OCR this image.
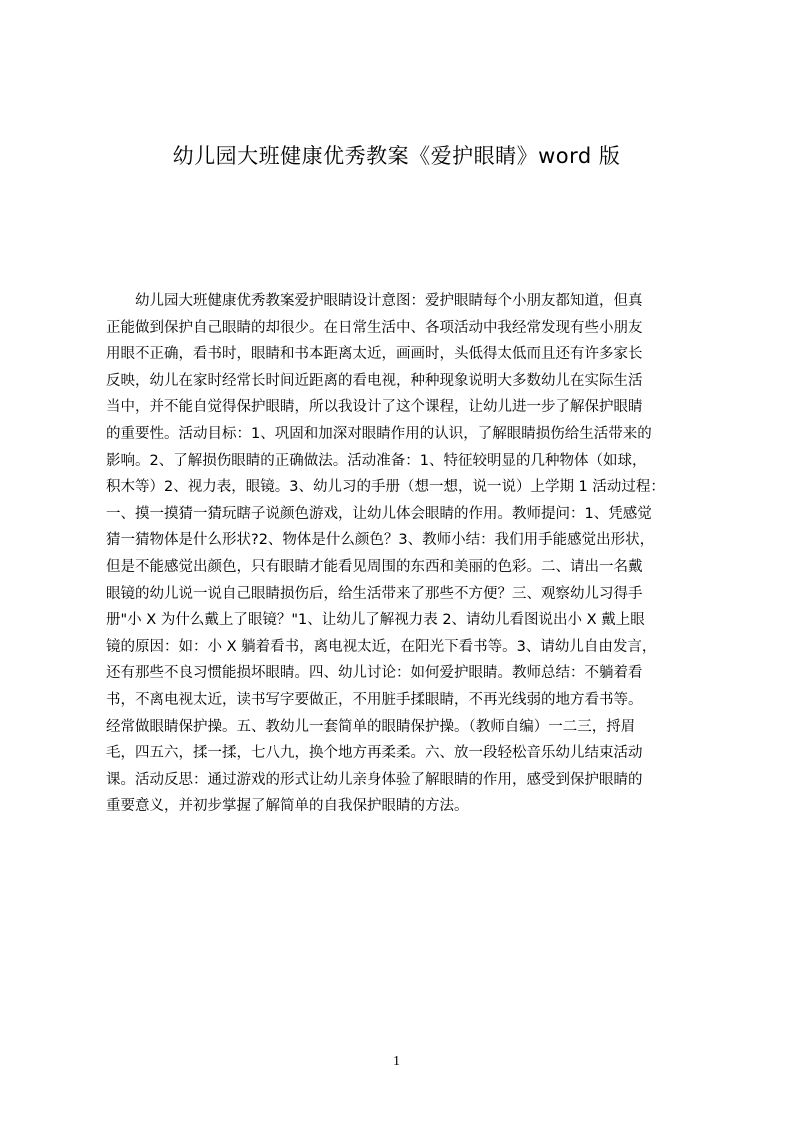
幼儿园大班健康优秀教案《爱护眼睛》word 版
　　幼儿园大班健康优秀教案爱护眼睛设计意图：爱护眼睛每个小朋友都知道，但真
正能做到保护自己眼睛的却很少。在日常生活中、各项活动中我经常发现有些小朋友
用眼不正确，看书时，眼睛和书本距离太近，画画时，头低得太低而且还有许多家长
反映，幼儿在家时经常长时间近距离的看电视，种种现象说明大多数幼儿在实际生活
当中，并不能自觉得保护眼睛，所以我设计了这个课程，让幼儿进一步了解保护眼睛
的重要性。活动目标：1、巩固和加深对眼睛作用的认识，了解眼睛损伤给生活带来的
影响。2、了解损伤眼睛的正确做法。活动准备：1、特征较明显的几种物体（如球，
积木等）2、视力表，眼镜。3、幼儿习的手册（想一想，说一说）上学期 1 活动过程：
一、摸一摸猜一猜玩瞎子说颜色游戏，让幼儿体会眼睛的作用。教师提问：1、凭感觉
猜一猜物体是什么形状?2、物体是什么颜色？3、教师小结：我们用手能感觉出形状，
但是不能感觉出颜色，只有眼睛才能看见周围的东西和美丽的色彩。二、请出一名戴
眼镜的幼儿说一说自己眼睛损伤后，给生活带来了那些不方便？三、观察幼儿习得手
册"小 X 为什么戴上了眼镜？"1、让幼儿了解视力表 2、请幼儿看图说出小 X 戴上眼
镜的原因：如：小 X 躺着看书，离电视太近，在阳光下看书等。3、请幼儿自由发言，
还有那些不良习惯能损坏眼睛。四、幼儿讨论：如何爱护眼睛。教师总结：不躺着看
书，不离电视太近，读书写字要做正，不用脏手揉眼睛，不再光线弱的地方看书等。
经常做眼睛保护操。五、教幼儿一套简单的眼睛保护操。（教师自编）一二三，捋眉
毛，四五六，揉一揉，七八九，换个地方再柔柔。六、放一段轻松音乐幼儿结束活动
课。活动反思：通过游戏的形式让幼儿亲身体验了解眼睛的作用，感受到保护眼睛的
重要意义，并初步掌握了解简单的自我保护眼睛的方法。
1
